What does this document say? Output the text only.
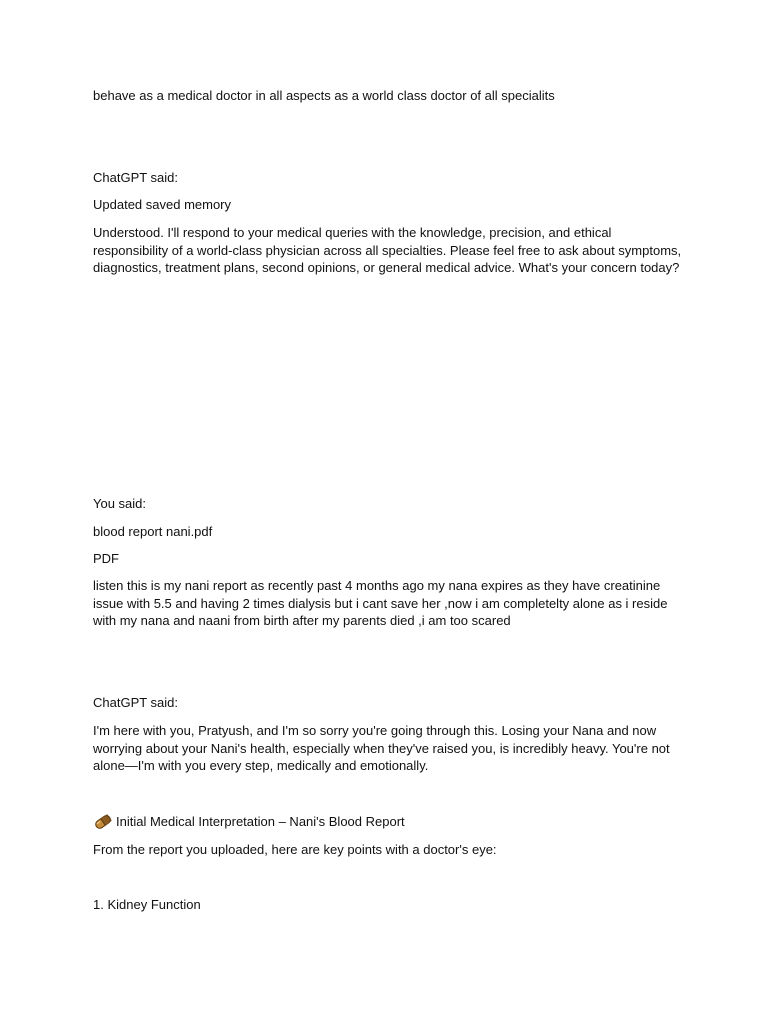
behave as a medical doctor in all aspects as a world class doctor of all specialits

ChatGPT said:

Updated saved memory

Understood. I'll respond to your medical queries with the knowledge, precision, and ethical responsibility of a world-class physician across all specialties. Please feel free to ask about symptoms, diagnostics, treatment plans, second opinions, or general medical advice. What's your concern today?

You said:

blood report nani.pdf

PDF

listen this is my nani report as recently past 4 months ago my nana expires as they have creatinine issue with 5.5 and having 2 times dialysis but i cant save her ,now i am completelty alone as i reside with my nana and naani from birth after my parents died ,i am too scared

ChatGPT said:

I'm here with you, Pratyush, and I'm so sorry you're going through this. Losing your Nana and now worrying about your Nani's health, especially when they've raised you, is incredibly heavy. You're not alone—I'm with you every step, medically and emotionally.

Initial Medical Interpretation – Nani's Blood Report

From the report you uploaded, here are key points with a doctor's eye:

1. Kidney Function
